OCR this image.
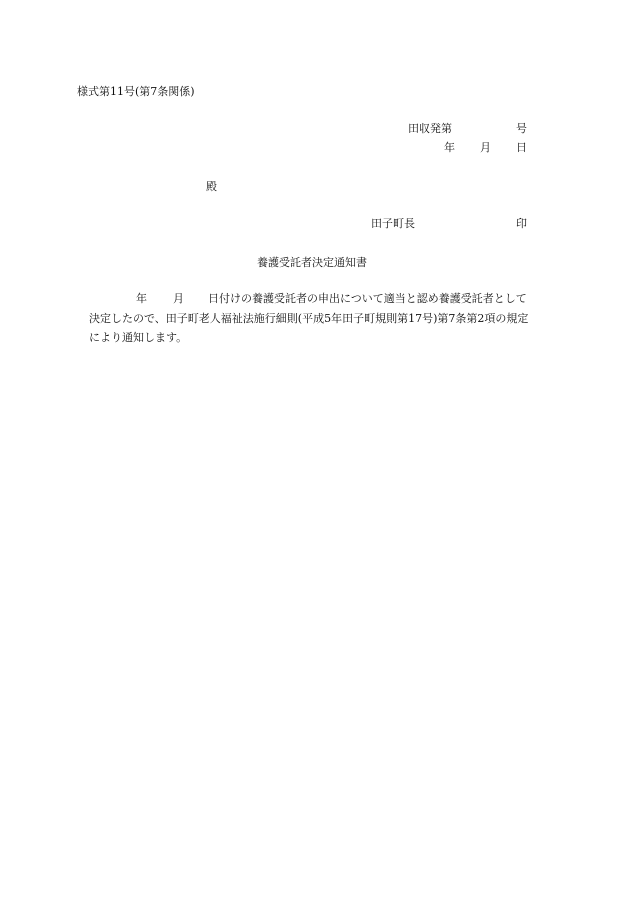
様式第11号(第7条関係)
田収発第	号
年 月 日
殿
田子町長	印
養護受託者決定通知書
年 月 日付けの養護受託者の申出について適当と認め養護受託者として
決定したので、田子町老人福祉法施行細則(平成5年田子町規則第17号)第7条第2項の規定
により通知します。
